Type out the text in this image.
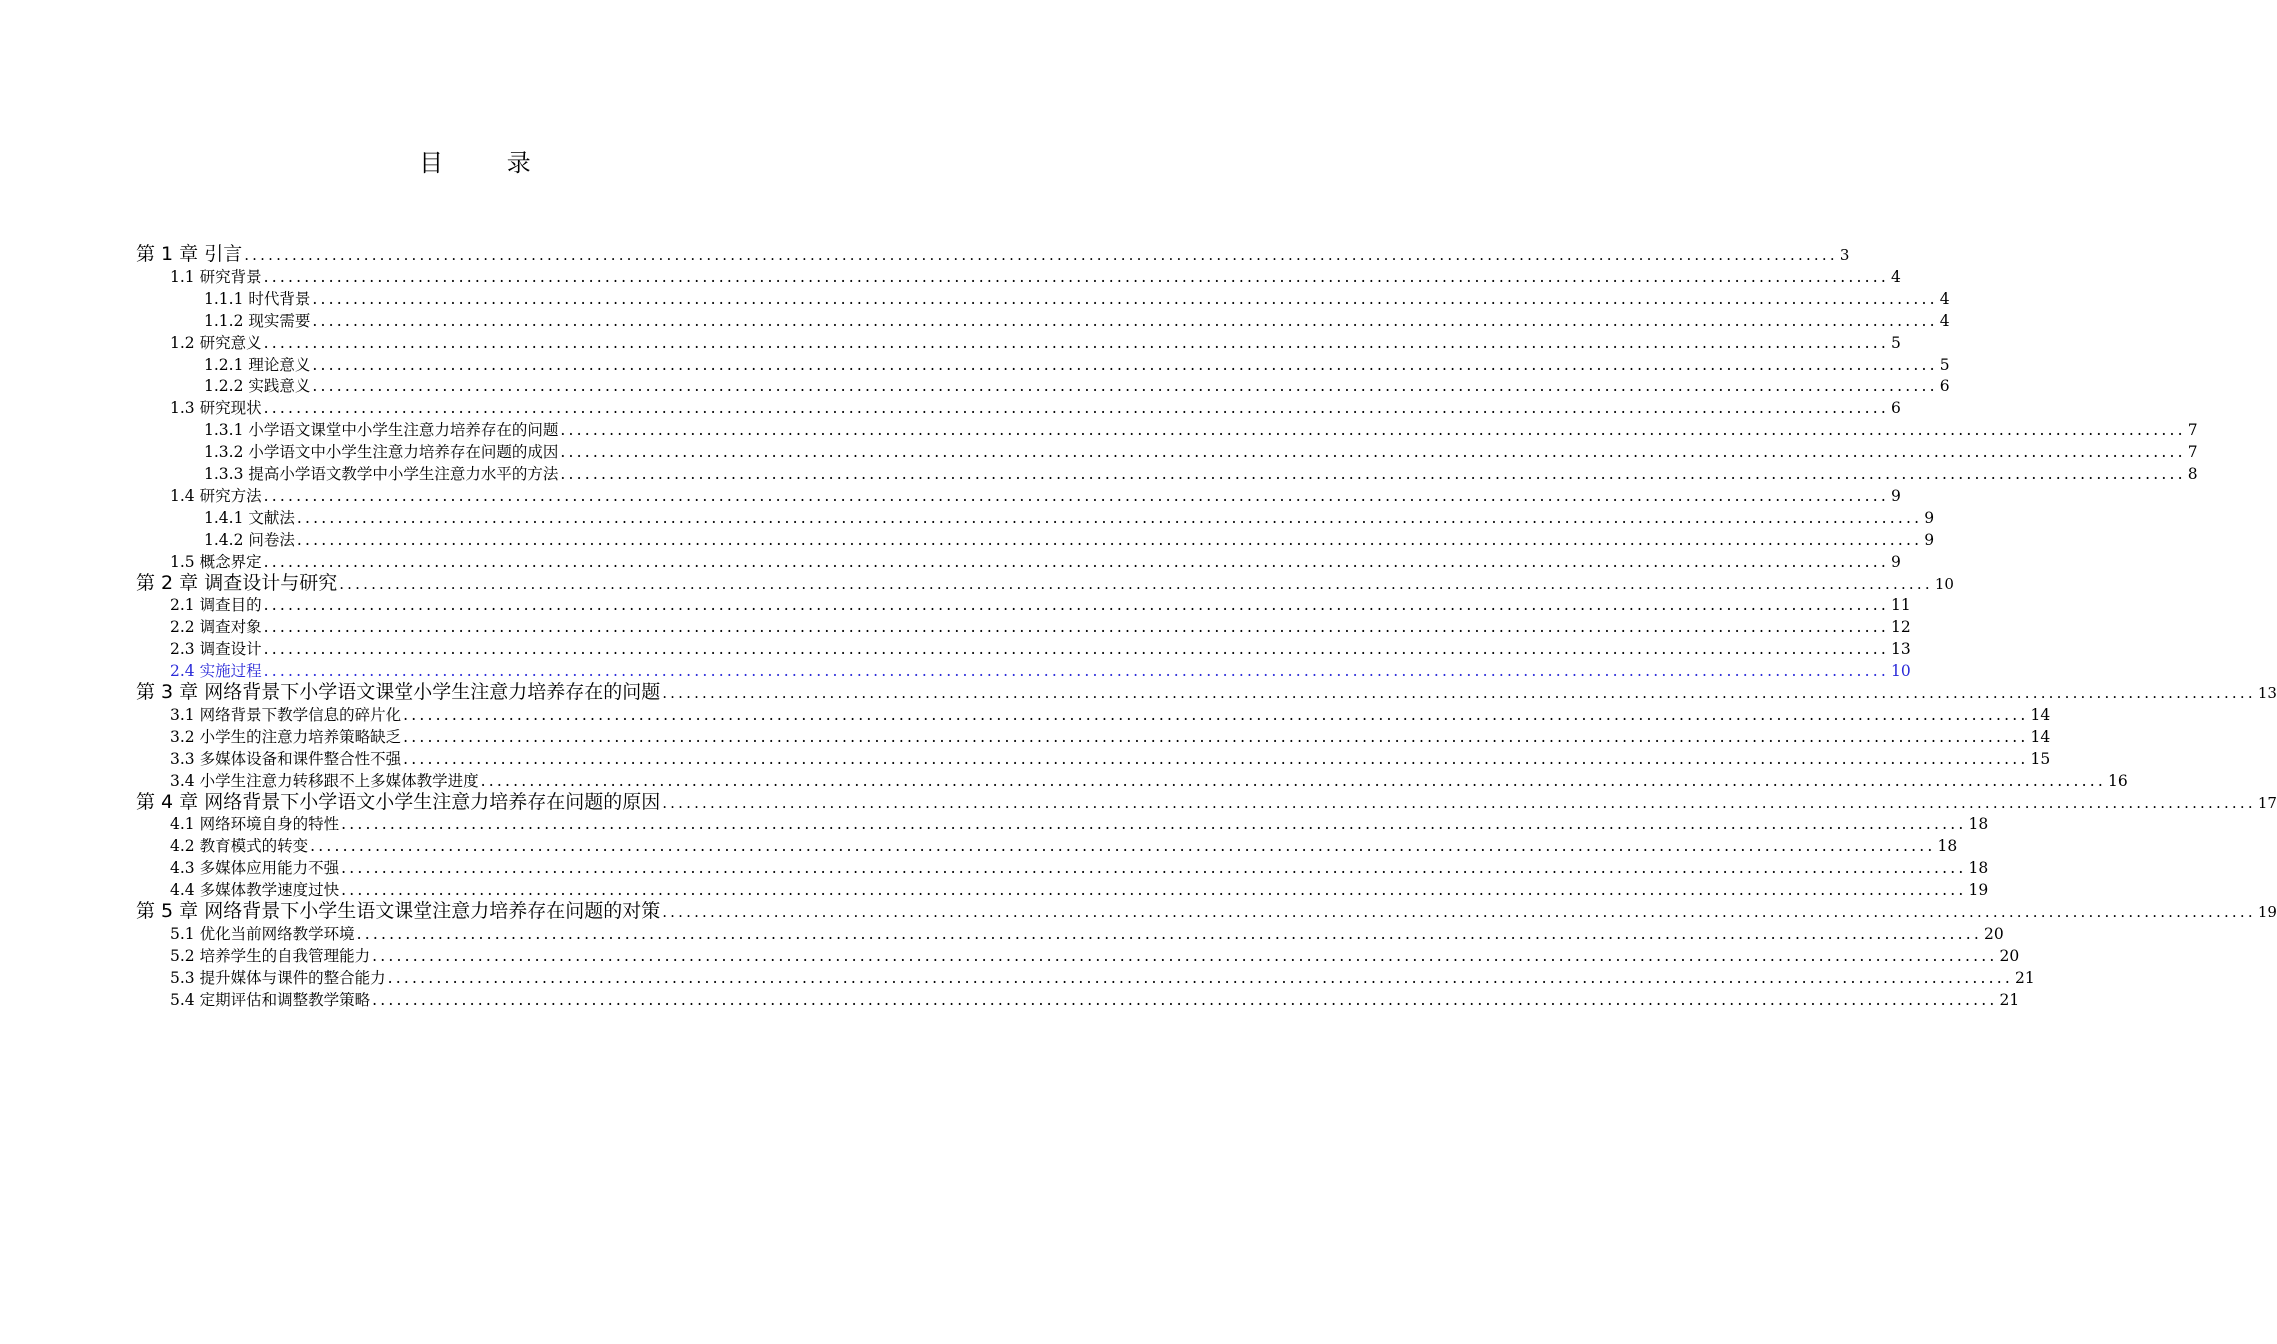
目 录
第 1 章 引言 ........................................................................................................................................................................................................ 3
1.1 研究背景 ........................................................................................................................................................................................................ 4
1.1.1 时代背景 ........................................................................................................................................................................................................ 4
1.1.2 现实需要 ........................................................................................................................................................................................................ 4
1.2 研究意义 ........................................................................................................................................................................................................ 5
1.2.1 理论意义 ........................................................................................................................................................................................................ 5
1.2.2 实践意义 ........................................................................................................................................................................................................ 6
1.3 研究现状 ........................................................................................................................................................................................................ 6
1.3.1 小学语文课堂中小学生注意力培养存在的问题 ........................................................................................................................................................................................................ 7
1.3.2 小学语文中小学生注意力培养存在问题的成因 ........................................................................................................................................................................................................ 7
1.3.3 提高小学语文教学中小学生注意力水平的方法 ........................................................................................................................................................................................................ 8
1.4 研究方法 ........................................................................................................................................................................................................ 9
1.4.1 文献法 ........................................................................................................................................................................................................ 9
1.4.2 问卷法 ........................................................................................................................................................................................................ 9
1.5 概念界定 ........................................................................................................................................................................................................ 9
第 2 章 调查设计与研究 ........................................................................................................................................................................................................ 10
2.1 调查目的 ........................................................................................................................................................................................................ 11
2.2 调查对象 ........................................................................................................................................................................................................ 12
2.3 调查设计 ........................................................................................................................................................................................................ 13
2.4 实施过程 ........................................................................................................................................................................................................ 10
第 3 章 网络背景下小学语文课堂小学生注意力培养存在的问题 ........................................................................................................................................................................................................ 13
3.1 网络背景下教学信息的碎片化 ........................................................................................................................................................................................................ 14
3.2 小学生的注意力培养策略缺乏 ........................................................................................................................................................................................................ 14
3.3 多媒体设备和课件整合性不强 ........................................................................................................................................................................................................ 15
3.4 小学生注意力转移跟不上多媒体教学进度 ........................................................................................................................................................................................................ 16
第 4 章 网络背景下小学语文小学生注意力培养存在问题的原因 ........................................................................................................................................................................................................ 17
4.1 网络环境自身的特性 ........................................................................................................................................................................................................ 18
4.2 教育模式的转变 ........................................................................................................................................................................................................ 18
4.3 多媒体应用能力不强 ........................................................................................................................................................................................................ 18
4.4 多媒体教学速度过快 ........................................................................................................................................................................................................ 19
第 5 章 网络背景下小学生语文课堂注意力培养存在问题的对策 ........................................................................................................................................................................................................ 19
5.1 优化当前网络教学环境 ........................................................................................................................................................................................................ 20
5.2 培养学生的自我管理能力 ........................................................................................................................................................................................................ 20
5.3 提升媒体与课件的整合能力 ........................................................................................................................................................................................................ 21
5.4 定期评估和调整教学策略 ........................................................................................................................................................................................................ 21
